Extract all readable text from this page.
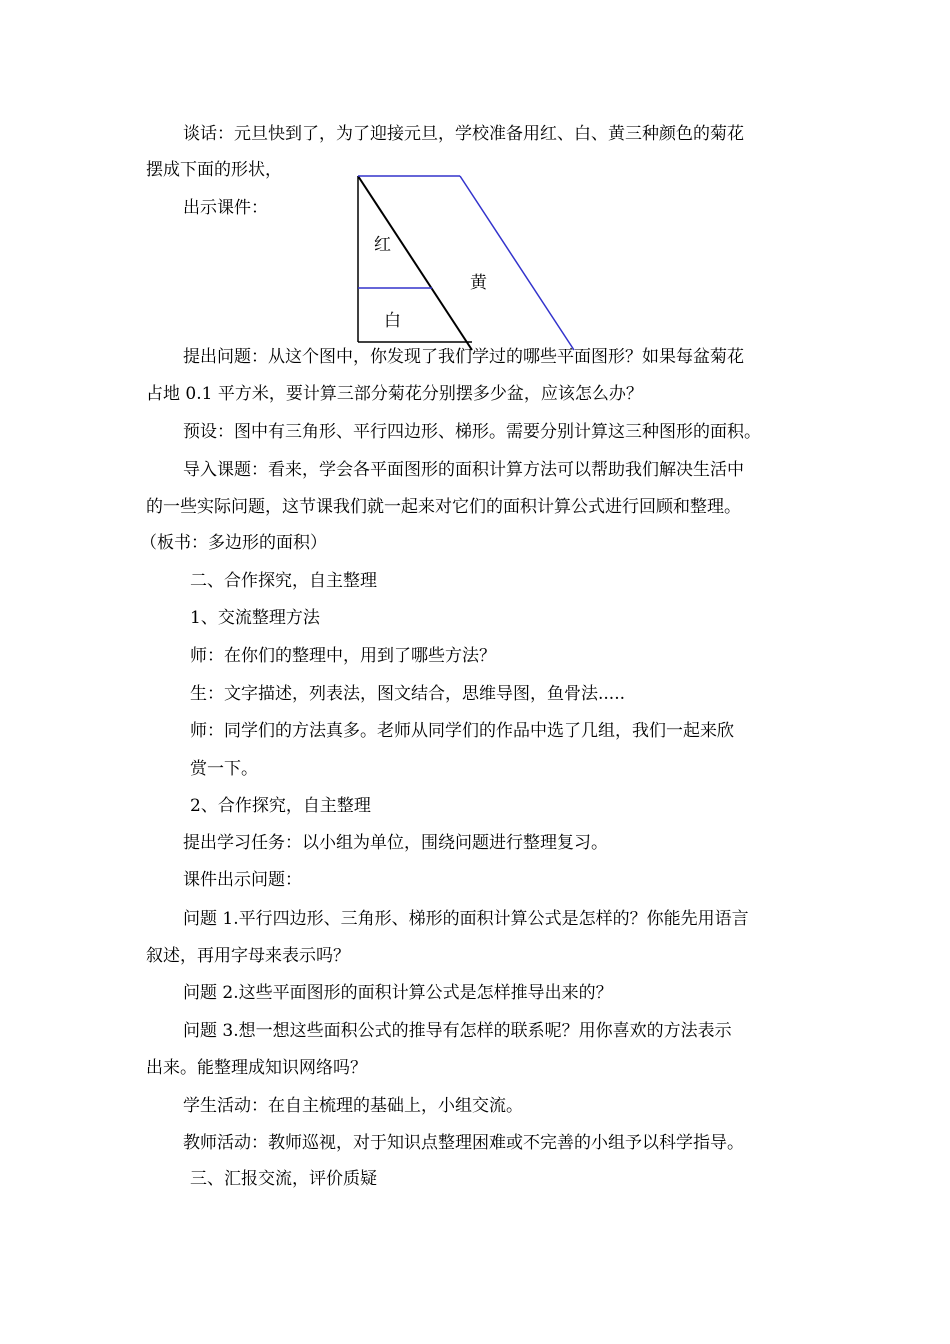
谈话：元旦快到了，为了迎接元旦，学校准备用红、白、黄三种颜色的菊花
摆成下面的形状，
出示课件：
红
黄
白
提出问题：从这个图中，你发现了我们学过的哪些平面图形？如果每盆菊花
占地 0.1 平方米，要计算三部分菊花分别摆多少盆，应该怎么办？
预设：图中有三角形、平行四边形、梯形。需要分别计算这三种图形的面积。
导入课题：看来，学会各平面图形的面积计算方法可以帮助我们解决生活中
的一些实际问题，这节课我们就一起来对它们的面积计算公式进行回顾和整理。
（板书：多边形的面积）
二、合作探究，自主整理
1、交流整理方法
师：在你们的整理中，用到了哪些方法？
生：文字描述，列表法，图文结合，思维导图，鱼骨法.....
师：同学们的方法真多。老师从同学们的作品中选了几组，我们一起来欣
赏一下。
2、合作探究，自主整理
提出学习任务：以小组为单位，围绕问题进行整理复习。
课件出示问题：
问题 1.平行四边形、三角形、梯形的面积计算公式是怎样的？你能先用语言
叙述，再用字母来表示吗？
问题 2.这些平面图形的面积计算公式是怎样推导出来的？
问题 3.想一想这些面积公式的推导有怎样的联系呢？用你喜欢的方法表示
出来。能整理成知识网络吗？
学生活动：在自主梳理的基础上，小组交流。
教师活动：教师巡视，对于知识点整理困难或不完善的小组予以科学指导。
三、汇报交流，评价质疑
